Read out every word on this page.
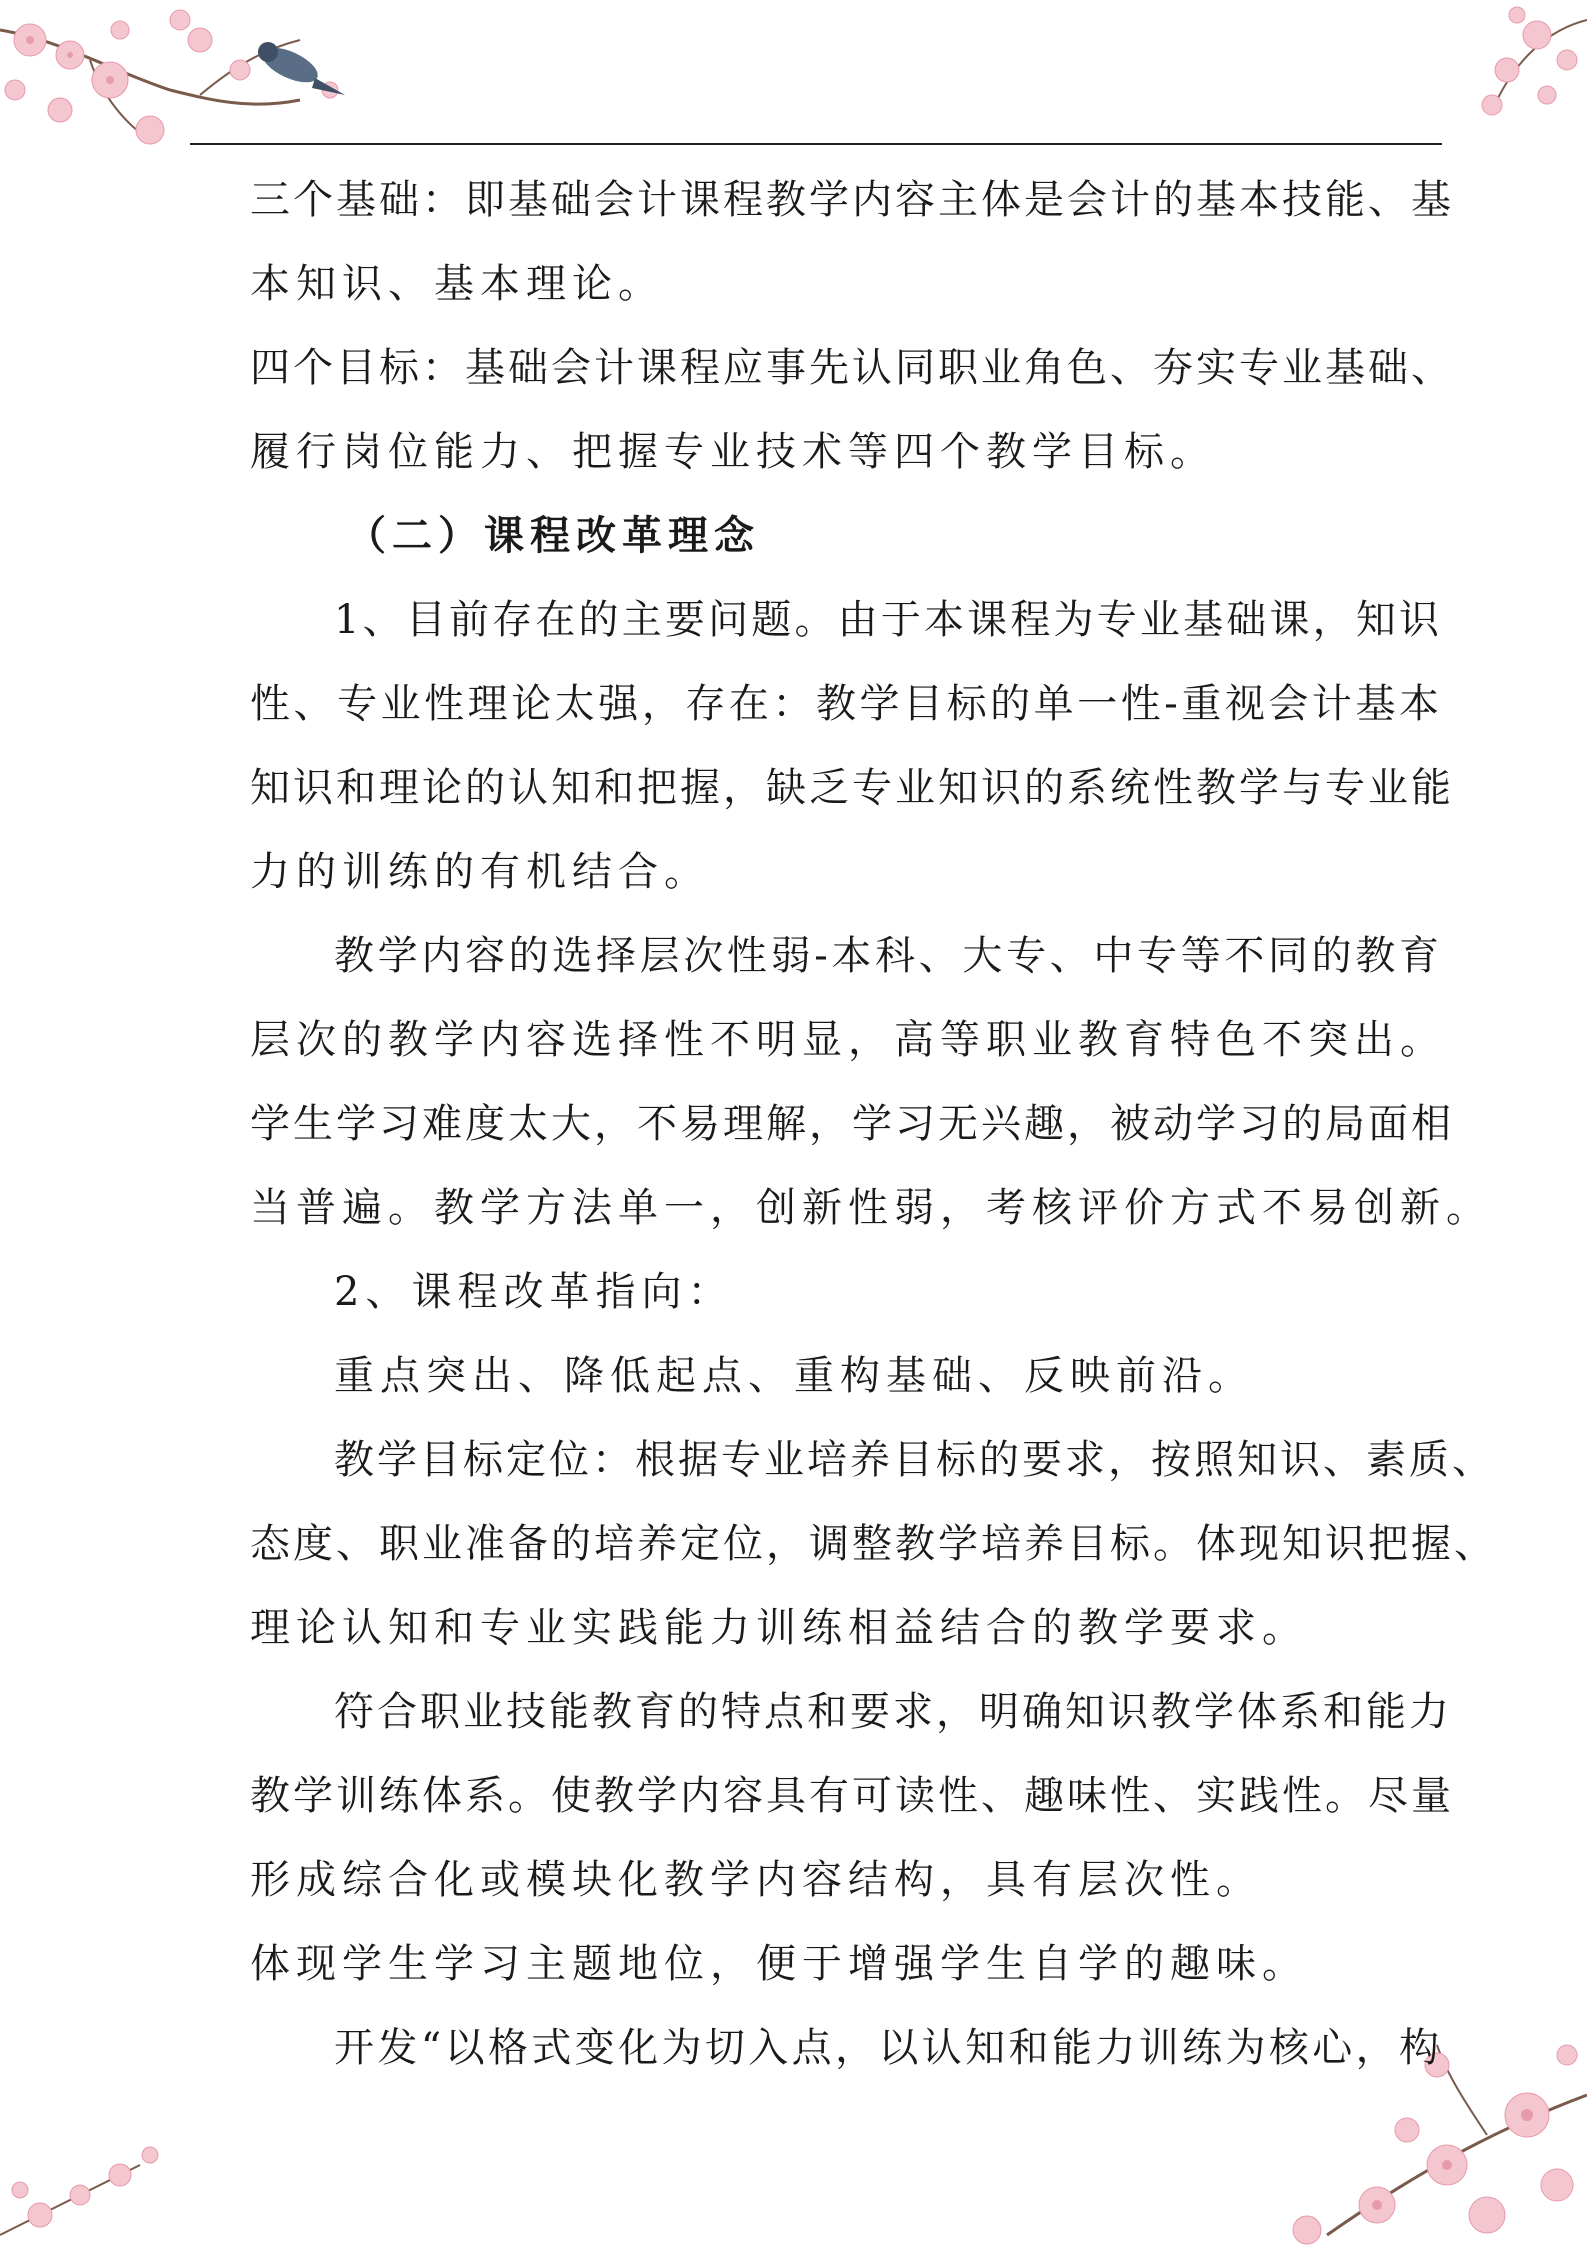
三个基础：即基础会计课程教学内容主体是会计的基本技能、基
本知识、基本理论。
四个目标：基础会计课程应事先认同职业角色、夯实专业基础、
履行岗位能力、把握专业技术等四个教学目标。
（二）课程改革理念
1、目前存在的主要问题。由于本课程为专业基础课，知识
性、专业性理论太强，存在：教学目标的单一性-重视会计基本
知识和理论的认知和把握，缺乏专业知识的系统性教学与专业能
力的训练的有机结合。
教学内容的选择层次性弱-本科、大专、中专等不同的教育
层次的教学内容选择性不明显，高等职业教育特色不突出。
学生学习难度太大，不易理解，学习无兴趣，被动学习的局面相
当普遍。教学方法单一，创新性弱，考核评价方式不易创新。
2、课程改革指向：
重点突出、降低起点、重构基础、反映前沿。
教学目标定位：根据专业培养目标的要求，按照知识、素质、
态度、职业准备的培养定位，调整教学培养目标。体现知识把握、
理论认知和专业实践能力训练相益结合的教学要求。
符合职业技能教育的特点和要求，明确知识教学体系和能力
教学训练体系。使教学内容具有可读性、趣味性、实践性。尽量
形成综合化或模块化教学内容结构，具有层次性。
体现学生学习主题地位，便于增强学生自学的趣味。
开发“以格式变化为切入点，以认知和能力训练为核心，构
